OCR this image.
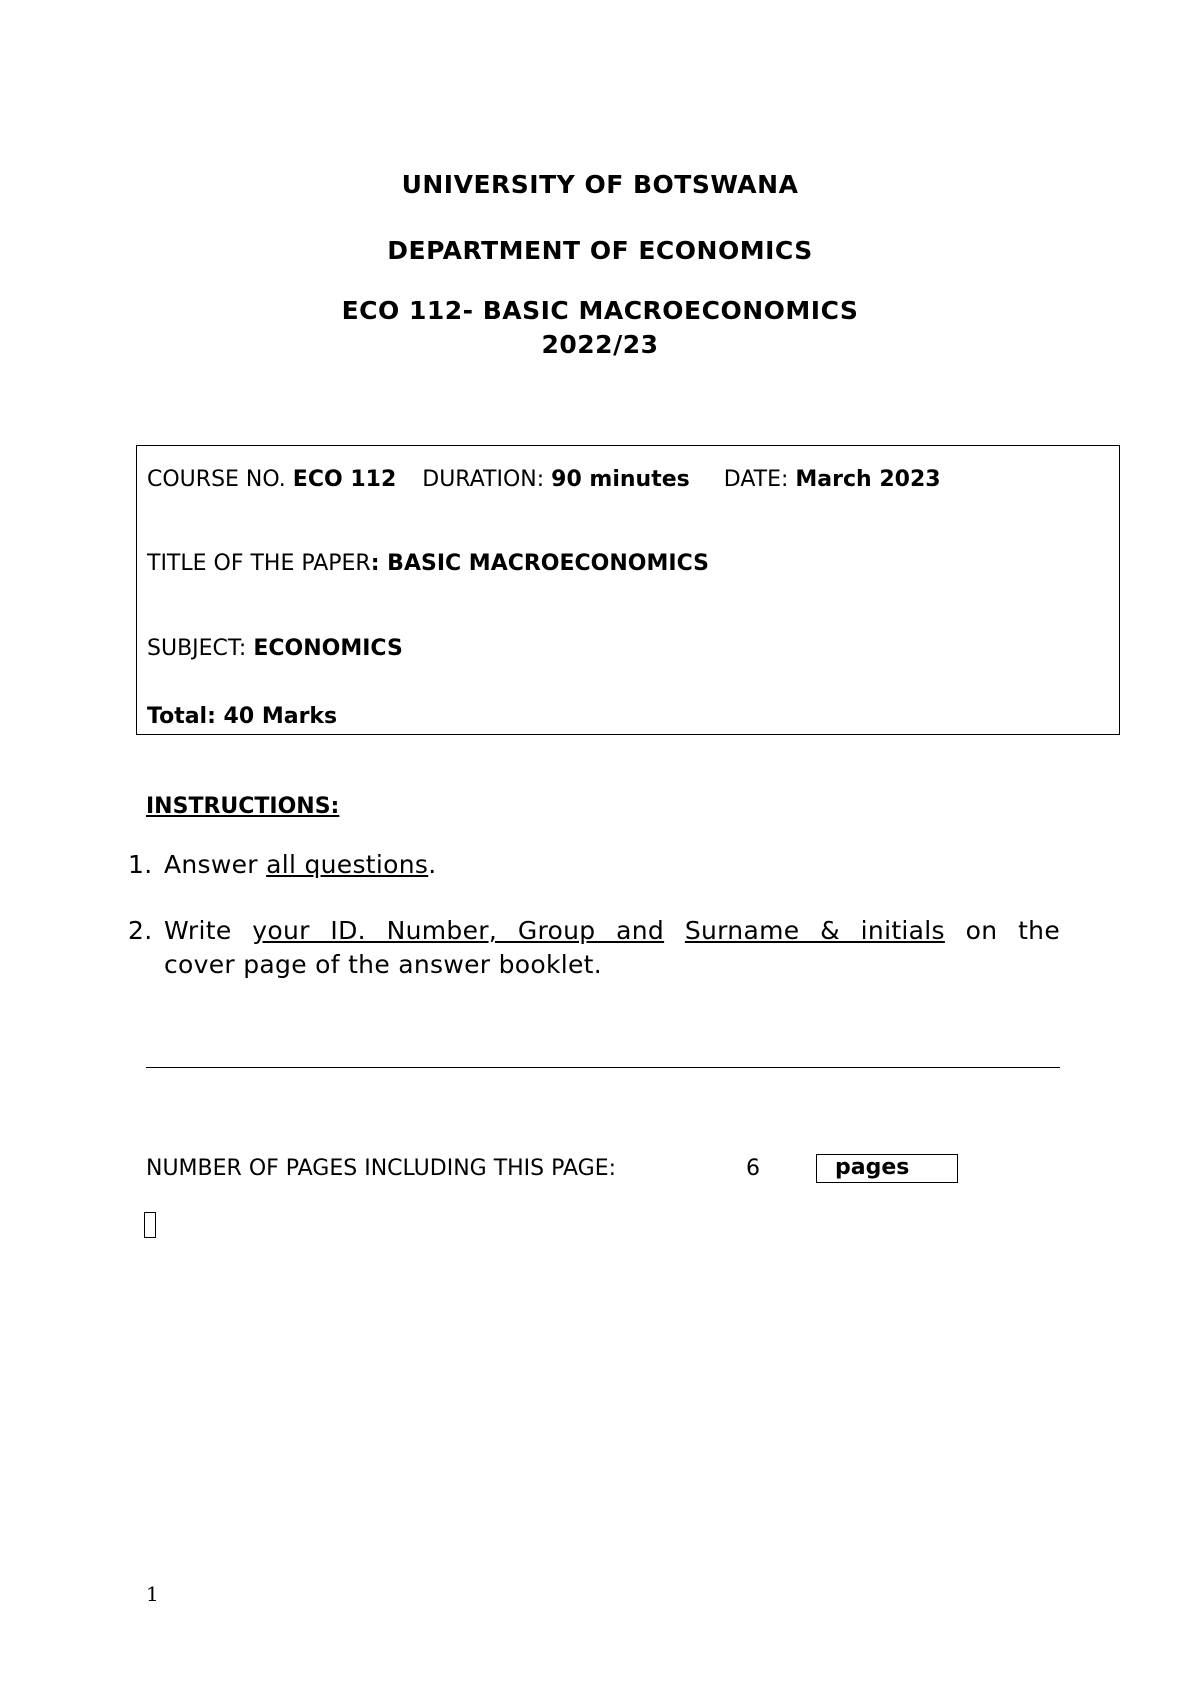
UNIVERSITY OF BOTSWANA
DEPARTMENT OF ECONOMICS
ECO 112- BASIC MACROECONOMICS
2022/23
COURSE NO. ECO 112 DURATION: 90 minutes DATE: March 2023
TITLE OF THE PAPER: BASIC MACROECONOMICS
SUBJECT: ECONOMICS
Total: 40 Marks
INSTRUCTIONS:
1. Answer all questions.
2. Write your ID. Number, Group and Surname & initials on the
cover page of the answer booklet.
NUMBER OF PAGES INCLUDING THIS PAGE:	6	pages
1
